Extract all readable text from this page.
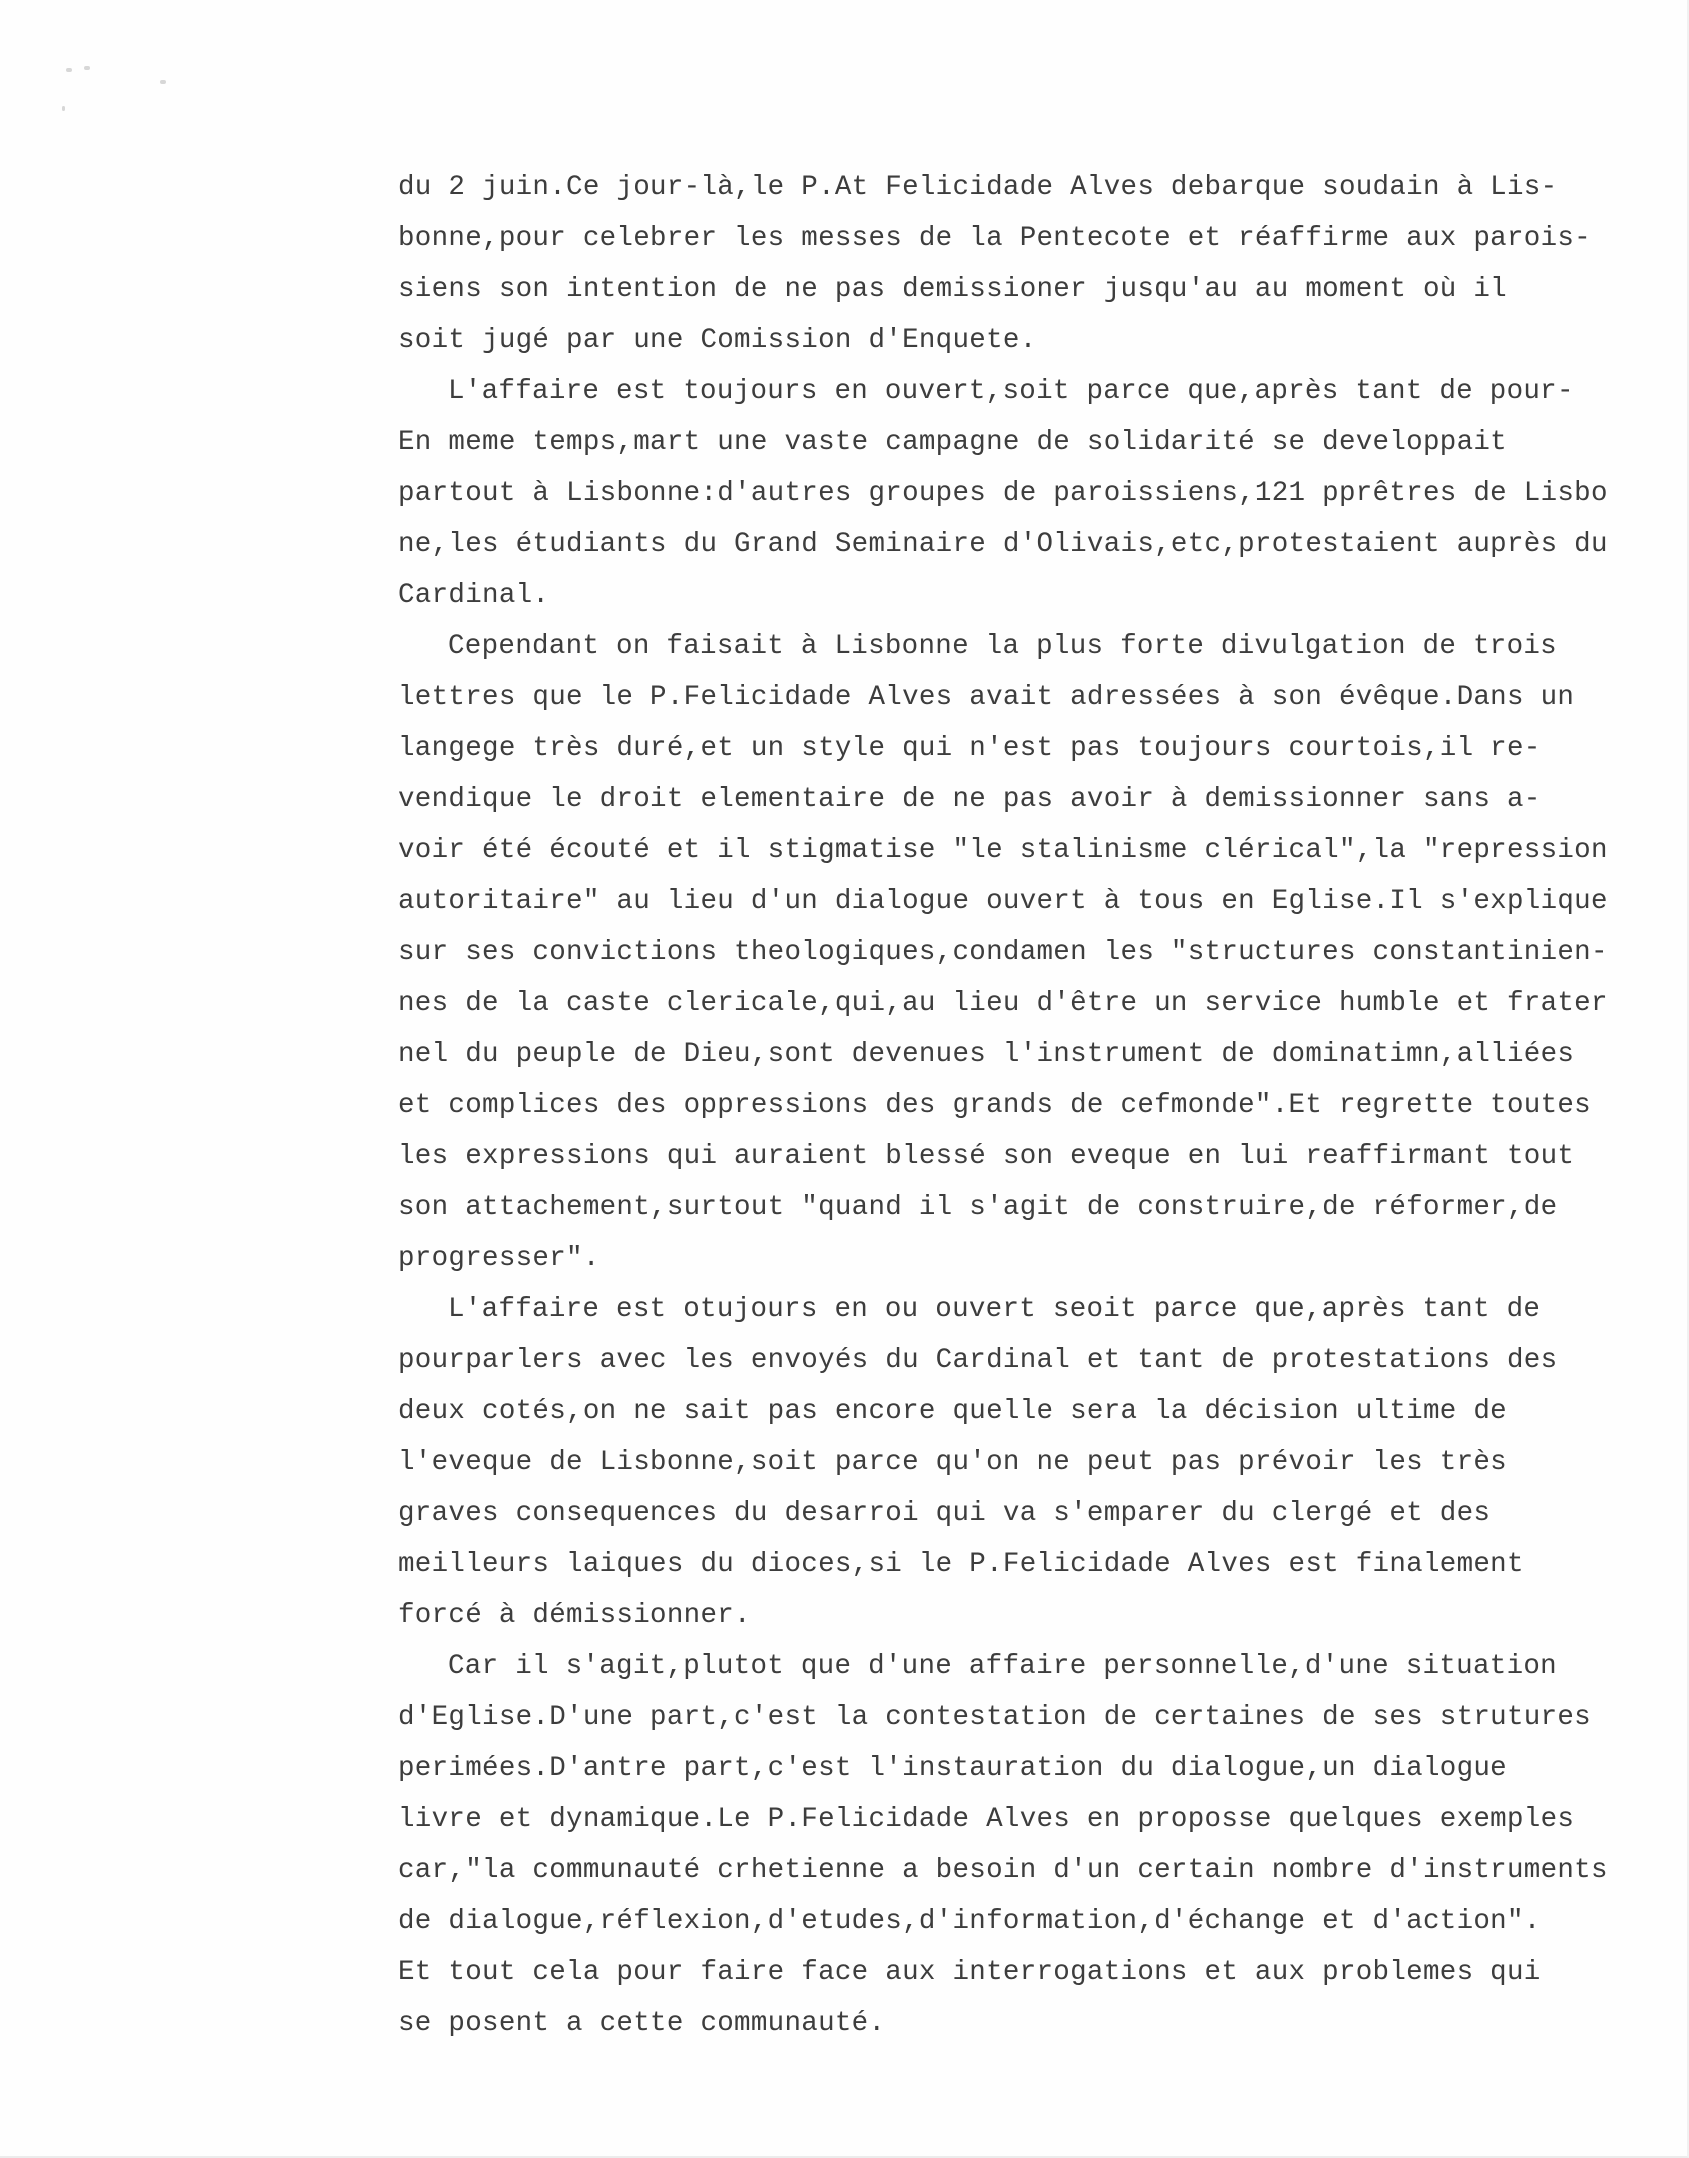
du 2 juin.Ce jour-là,le P.At Felicidade Alves debarque soudain à Lis-
bonne,pour celebrer les messes de la Pentecote et réaffirme aux parois-
siens son intention de ne pas demissioner jusqu'au au moment où il
soit jugé par une Comission d'Enquete.
L'affaire est toujours en ouvert,soit parce que,après tant de pour-
En meme temps,mart une vaste campagne de solidarité se developpait
partout à Lisbonne:d'autres groupes de paroissiens,121 pprêtres de Lisbo
ne,les étudiants du Grand Seminaire d'Olivais,etc,protestaient auprès du
Cardinal.
Cependant on faisait à Lisbonne la plus forte divulgation de trois
lettres que le P.Felicidade Alves avait adressées à son évêque.Dans un
langege très duré,et un style qui n'est pas toujours courtois,il re-
vendique le droit elementaire de ne pas avoir à demissionner sans a-
voir été écouté et il stigmatise "le stalinisme clérical",la "repression
autoritaire" au lieu d'un dialogue ouvert à tous en Eglise.Il s'explique
sur ses convictions theologiques,condamen les "structures constantinien-
nes de la caste clericale,qui,au lieu d'être un service humble et frater
nel du peuple de Dieu,sont devenues l'instrument de dominatimn,alliées
et complices des oppressions des grands de cefmonde".Et regrette toutes
les expressions qui auraient blessé son eveque en lui reaffirmant tout
son attachement,surtout "quand il s'agit de construire,de réformer,de
progresser".
L'affaire est otujours en ou ouvert seoit parce que,après tant de
pourparlers avec les envoyés du Cardinal et tant de protestations des
deux cotés,on ne sait pas encore quelle sera la décision ultime de
l'eveque de Lisbonne,soit parce qu'on ne peut pas prévoir les très
graves consequences du desarroi qui va s'emparer du clergé et des
meilleurs laiques du dioces,si le P.Felicidade Alves est finalement
forcé à démissionner.
Car il s'agit,plutot que d'une affaire personnelle,d'une situation
d'Eglise.D'une part,c'est la contestation de certaines de ses strutures
perimées.D'antre part,c'est l'instauration du dialogue,un dialogue
livre et dynamique.Le P.Felicidade Alves en proposse quelques exemples
car,"la communauté crhetienne a besoin d'un certain nombre d'instruments
de dialogue,réflexion,d'etudes,d'information,d'échange et d'action".
Et tout cela pour faire face aux interrogations et aux problemes qui
se posent a cette communauté.
